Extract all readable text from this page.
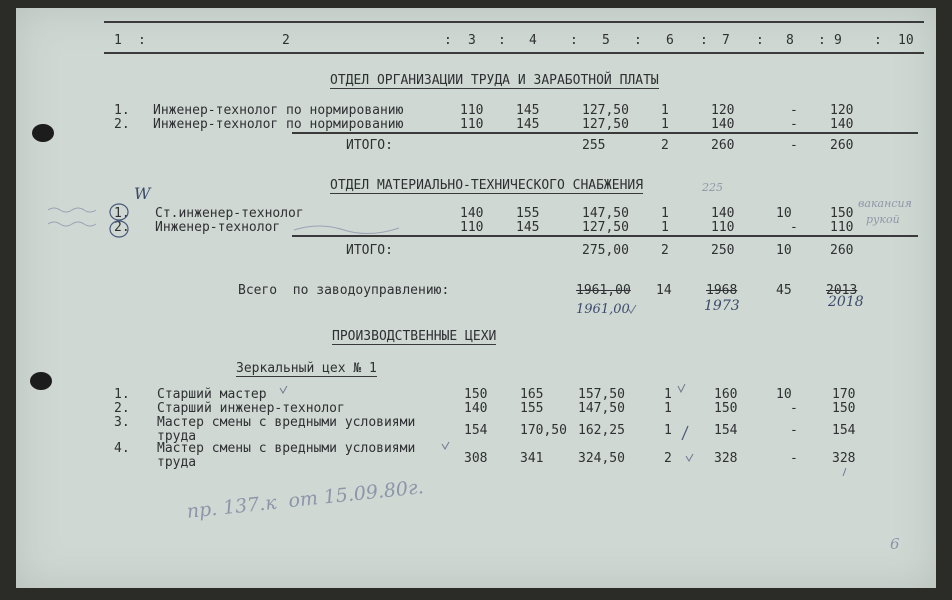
1 :	2	: 3 : 4	: 5 : 6 : 7 : 8 : 9 : 10
ОТДЕЛ ОРГАНИЗАЦИИ ТРУДА И ЗАРАБОТНОЙ ПЛАТЫ
1. Инженер-технолог по нормированию	110	145	127,50 1	120	- 120
2. Инженер-технолог по нормированию	110	145	127,50 1	140	- 140
ИТОГО:	255	2	260	- 260
ОТДЕЛ МАТЕРИАЛЬНО-ТЕХНИЧЕСКОГО СНАБЖЕНИЯ	225
1. Ст.инженер-технолог	140	155	147,50 1	140	10	150
2. Инженер-технолог	110	145	127,50 1	110	- 110
W
вакансия
рукой
ИТОГО:	275,00 2	250	10	260
Всего  по заводоуправлению:	1961,00 14	1968	45	2013
1961,00	1973	2018
ПРОИЗВОДСТВЕННЫЕ ЦЕХИ
Зеркальный цех № 1
1. Старший мастер	150	165	157,50	1	160	10	170
2. Старший инженер-технолог	140	155	147,50	1	150	-	150
3. Мастер смены с вредными условиями
труда	154	170,50 162,25	1	154	-	154
4. Мастер смены с вредными условиями
труда	308	341	324,50	2	328	-	328
пр. 137.к  от 15.09.80г.
6
